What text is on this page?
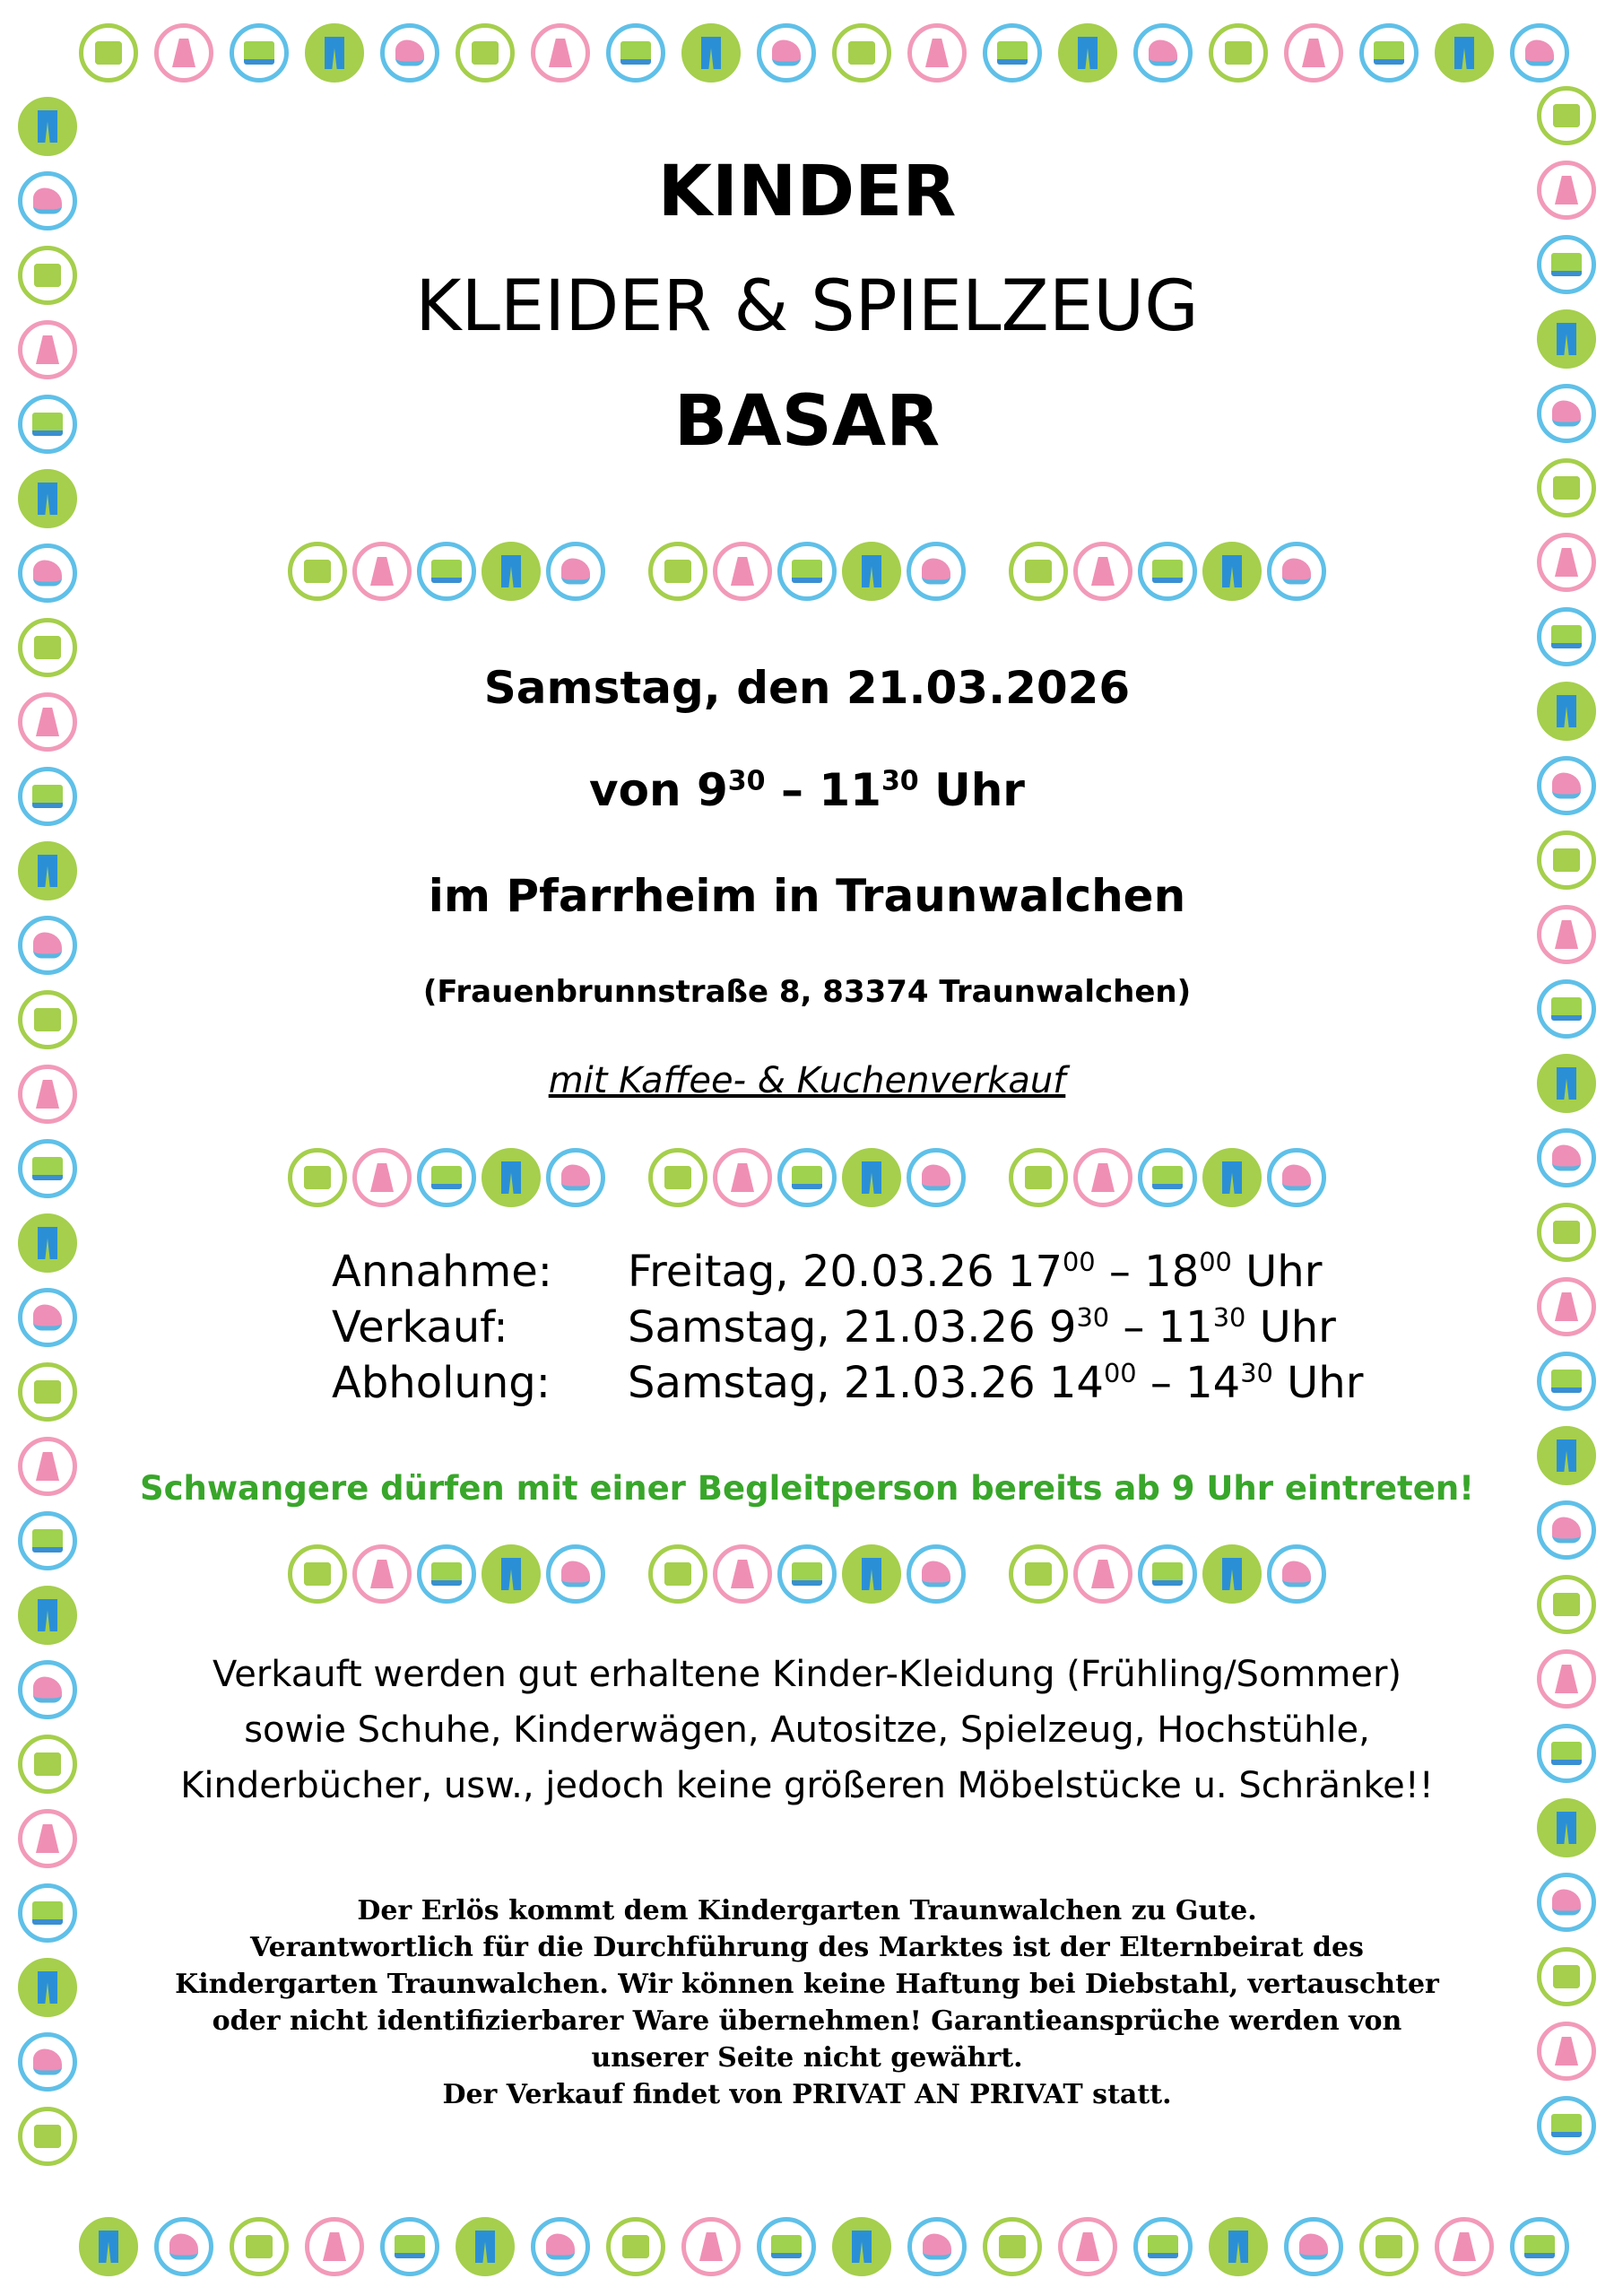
KINDER
KLEIDER & SPIELZEUG
BASAR
Samstag, den 21.03.2026
von $9^{30} - 11^{30}$ Uhr
im Pfarrheim in Traunwalchen
(Frauenbrunnstraße 8, 83374 Traunwalchen)
mit Kaffee- & Kuchenverkauf
Annahme:	Freitag, 20.03.26 $17^{00} - 18^{00}$ Uhr
Verkauf:	Samstag, 21.03.26 $9^{30} - 11^{30}$ Uhr
Abholung:	Samstag, 21.03.26 $14^{00} - 14^{30}$ Uhr
Schwangere dürfen mit einer Begleitperson bereits ab 9 Uhr eintreten!
Verkauft werden gut erhaltene Kinder-Kleidung (Frühling/Sommer)
sowie Schuhe, Kinderwägen, Autositze, Spielzeug, Hochstühle,
Kinderbücher, usw., jedoch keine größeren Möbelstücke u. Schränke!!
Der Erlös kommt dem Kindergarten Traunwalchen zu Gute.
Verantwortlich für die Durchführung des Marktes ist der Elternbeirat des
Kindergarten Traunwalchen. Wir können keine Haftung bei Diebstahl, vertauschter
oder nicht identifizierbarer Ware übernehmen! Garantieansprüche werden von
unserer Seite nicht gewährt.
Der Verkauf findet von PRIVAT AN PRIVAT statt.
